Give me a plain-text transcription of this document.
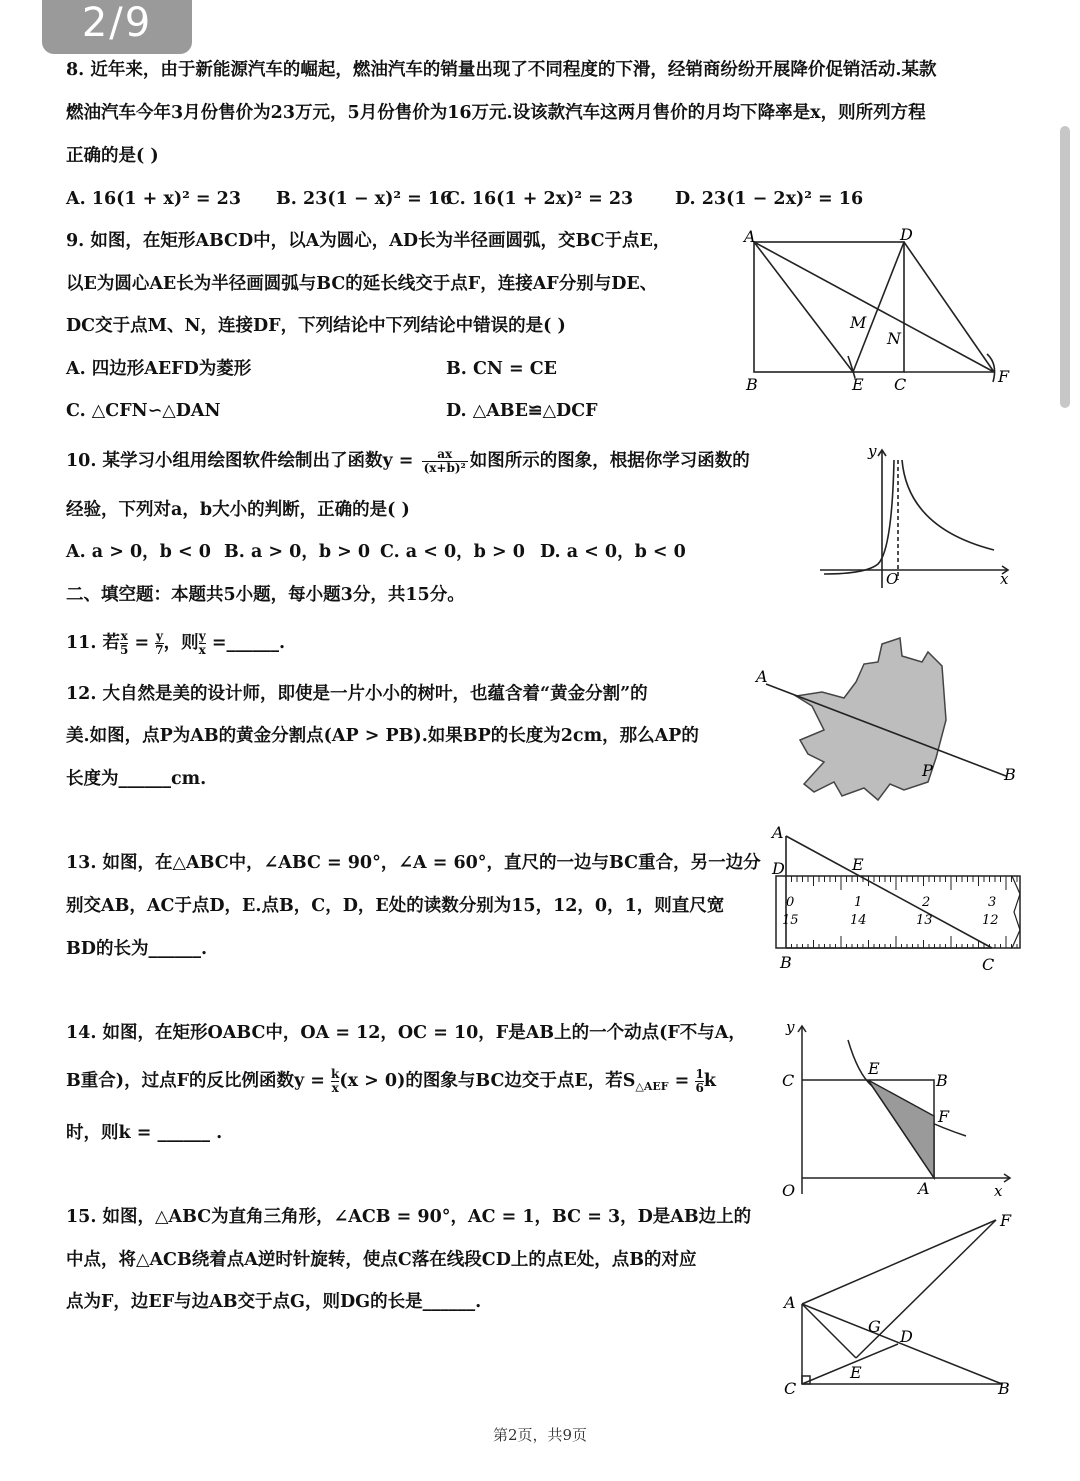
2/9
8. 近年来，由于新能源汽车的崛起，燃油汽车的销量出现了不同程度的下滑，经销商纷纷开展降价促销活动.某款
燃油汽车今年3月份售价为23万元，5月份售价为16万元.设该款汽车这两月售价的月均下降率是x，则所列方程
正确的是( )
A. 16(1 + x)² = 23 B. 23(1 − x)² = 16
C. 16(1 + 2x)² = 23 D. 23(1 − 2x)² = 16
9. 如图，在矩形ABCD中，以A为圆心，AD长为半径画圆弧，交BC于点E，
以E为圆心AE长为半径画圆弧与BC的延长线交于点F，连接AF分别与DE、
DC交于点M、N，连接DF，下列结论中下列结论中错误的是( )
A. 四边形AEFD为菱形	B. CN = CE
C. △CFN∽△DAN	D. △ABE≌△DCF
A	D
M
N
B	E C	F
10. 某学习小组用绘图软件绘制出了函数$y = \frac{ax}{\text{(x+b)²}}$ 如图所示的图象，根据你学习函数的
经验，下列对a，b大小的判断，正确的是( )
A. a > 0，b < 0 B. a > 0，b > 0 C. a < 0，b > 0 D. a < 0，b < 0
y
O	x
二、填空题：本题共5小题，每小题3分，共15分。
11. 若 $\frac{x}{5} = \frac{y}{7}$ ，则 $\frac{y}{x}$ =______.
12. 大自然是美的设计师，即使是一片小小的树叶，也蕴含着“黄金分割”的
美.如图，点P为AB的黄金分割点(AP > PB).如果BP的长度为2cm，那么AP的
长度为______cm.
A
P	B
13. 如图，在△ABC中，∠ABC = 90°，∠A = 60°，直尺的一边与BC重合，另一边分
别交AB，AC于点D，E.点B，C，D，E处的读数分别为15，12，0，1，则直尺宽
BD的长为______.
A
D	E
B	C
0	1	2	3
15	14	13	12
14. 如图，在矩形OABC中，OA = 12，OC = 10，F是AB上的一个动点(F不与A，
B重合)，过点F的反比例函数$y = \frac{k}{x} (x > 0)$的图象与BC边交于点E，若$S_{\triangle AEF} = \frac{1}{6}$ k
时，则k = ______ .
y
C
E
B
F
O	A	x
15. 如图，△ABC为直角三角形，∠ACB = 90°，AC = 1，BC = 3，D是AB边上的
中点，将△ACB绕着点A逆时针旋转，使点C落在线段CD上的点E处，点B的对应
点为F，边EF与边AB交于点G，则DG的长是______.
F
A
G
D
E
C	B
第2页，共9页
